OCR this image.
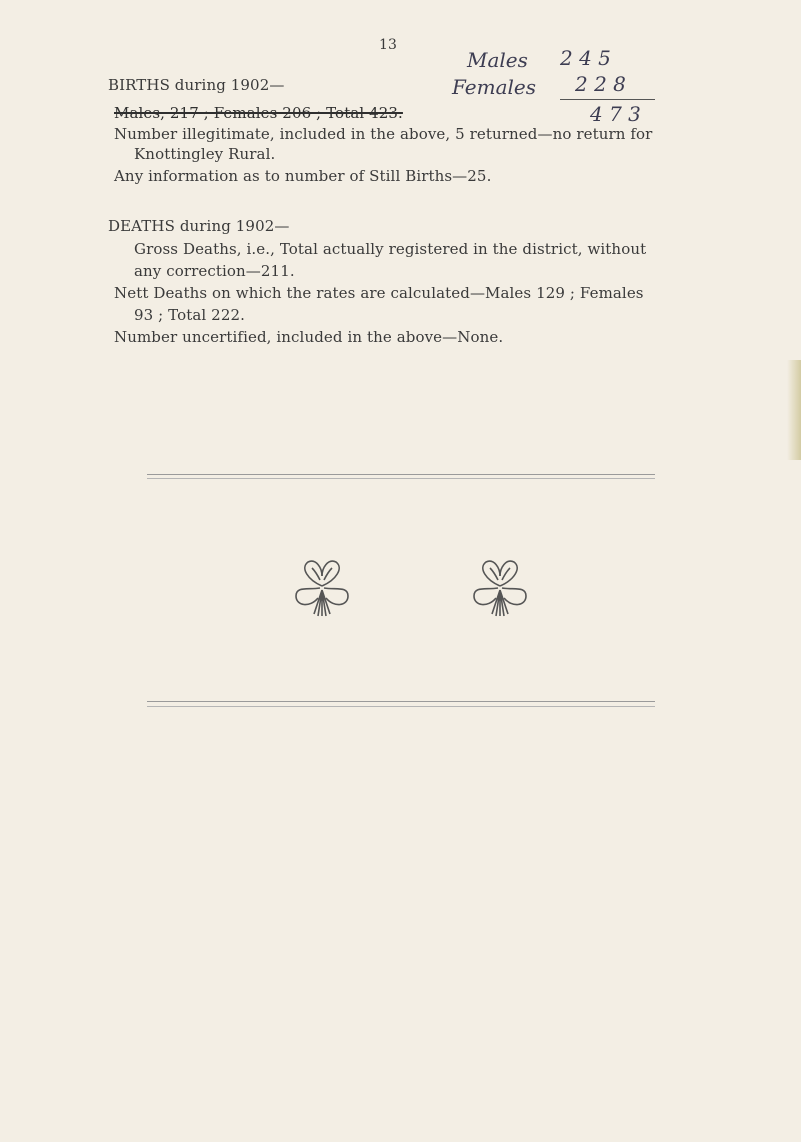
13
BIRTHS during 1902—
Males 2 4 5
Females 2 2 8
4 7 3
Males, 217 ; Females 206 ; Total 423.
Number illegitimate, included in the above, 5 returned—no return for
Knottingley Rural.
Any information as to number of Still Births—25.
DEATHS during 1902—
Gross Deaths, i.e., Total actually registered in the district, without
any correction—211.
Nett Deaths on which the rates are calculated—Males 129 ; Females
93 ; Total 222.
Number uncertified, included in the above—None.
